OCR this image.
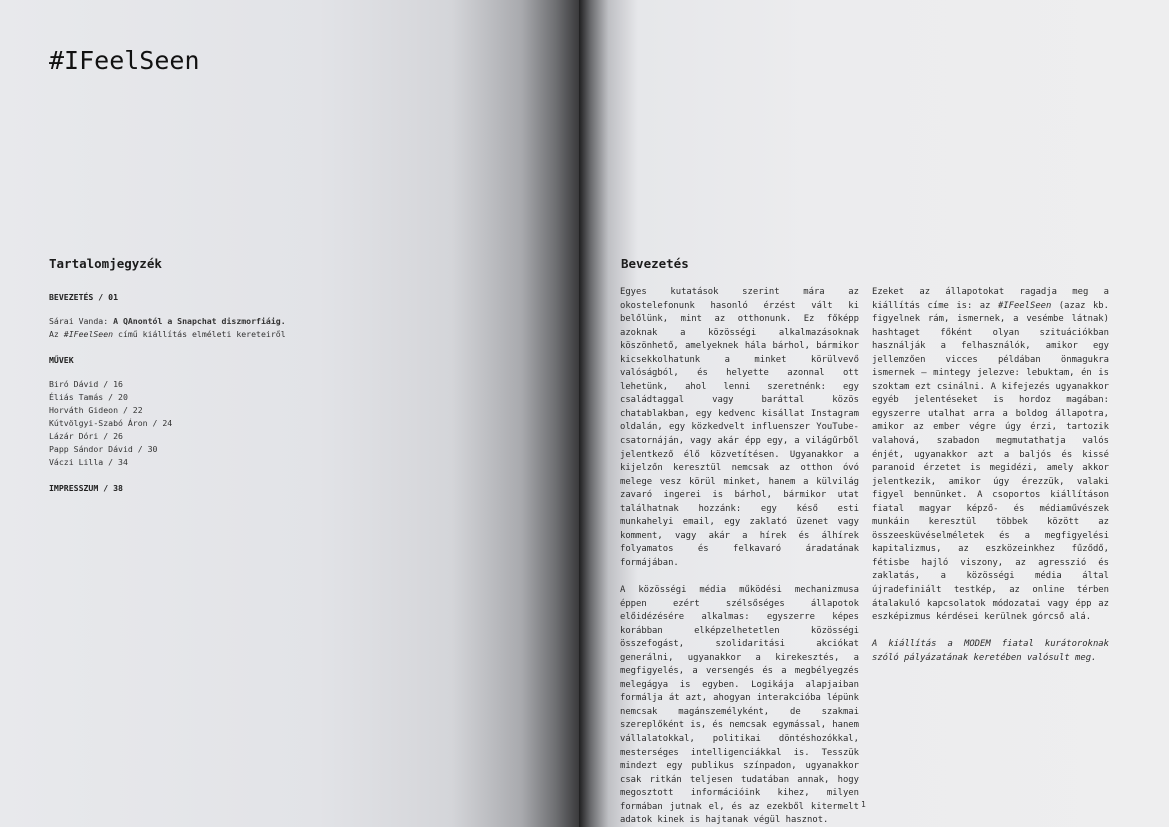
#IFeelSeen
Tartalomjegyzék
BEVEZETÉS / 01
Sárai Vanda: A QAnontól a Snapchat diszmorfiáig.
Az #IFeelSeen című kiállítás elméleti kereteiről
MŰVEK
Biró Dávid / 16
Éliás Tamás / 20
Horváth Gideon / 22
Kútvölgyi-Szabó Áron / 24
Lázár Dóri / 26
Papp Sándor Dávid / 30
Váczi Lilla / 34
IMPRESSZUM / 38
Bevezetés

Egyes kutatások szerint mára az okostelefonunk hasonló érzést vált ki belőlünk, mint az otthonunk. Ez főképp azoknak a közösségi alkalmazásoknak köszönhető, amelyeknek hála bárhol, bármikor kicsekkolhatunk a minket körülvevő valóságból, és helyette azonnal ott lehetünk, ahol lenni szeretnénk: egy családtaggal vagy baráttal közös chatablakban, egy kedvenc kisállat Instagram oldalán, egy közkedvelt influenszer YouTube-csatornáján, vagy akár épp egy, a világűrből jelentkező élő közvetítésen. Ugyanakkor a kijelzőn keresztül nemcsak az otthon óvó melege vesz körül minket, hanem a külvilág zavaró ingerei is bárhol, bármikor utat találhatnak hozzánk: egy késő esti munkahelyi email, egy zaklató üzenet vagy komment, vagy akár a hírek és álhírek folyamatos és felkavaró áradatának formájában.

A közösségi média működési mechanizmusa éppen ezért szélsőséges állapotok előidézésére alkalmas: egyszerre képes korábban elképzelhetetlen közösségi összefogást, szolidaritási akciókat generálni, ugyanakkor a kirekesztés, a megfigyelés, a versengés és a megbélyegzés melegágya is egyben. Logikája alapjaiban formálja át azt, ahogyan interakcióba lépünk nemcsak magánszemélyként, de szakmai szereplőként is, és nemcsak egymással, hanem vállalatokkal, politikai döntéshozókkal, mesterséges intelligenciákkal is. Tesszük mindezt egy publikus színpadon, ugyanakkor csak ritkán teljesen tudatában annak, hogy megosztott információink kihez, milyen formában jutnak el, és az ezekből kitermelt adatok kinek is hajtanak végül hasznot.

Ezeket az állapotokat ragadja meg a kiállítás címe is: az #IFeelSeen (azaz kb. figyelnek rám, ismernek, a vesémbe látnak) hashtaget főként olyan szituációkban használják a felhasználók, amikor egy jellemzően vicces példában önmagukra ismernek – mintegy jelezve: lebuktam, én is szoktam ezt csinálni. A kifejezés ugyanakkor egyéb jelentéseket is hordoz magában: egyszerre utalhat arra a boldog állapotra, amikor az ember végre úgy érzi, tartozik valahová, szabadon megmutathatja valós énjét, ugyanakkor azt a baljós és kissé paranoid érzetet is megidézi, amely akkor jelentkezik, amikor úgy érezzük, valaki figyel bennünket. A csoportos kiállításon fiatal magyar képző- és médiaművészek munkáin keresztül többek között az összeesküvéselméletek és a megfigyelési kapitalizmus, az eszközeinkhez fűződő, fétisbe hajló viszony, az agresszió és zaklatás, a közösségi média által újradefiniált testkép, az online térben átalakuló kapcsolatok módozatai vagy épp az eszképizmus kérdései kerülnek górcső alá.

A kiállítás a MODEM fiatal kurátoroknak szóló pályázatának keretében valósult meg.

1
